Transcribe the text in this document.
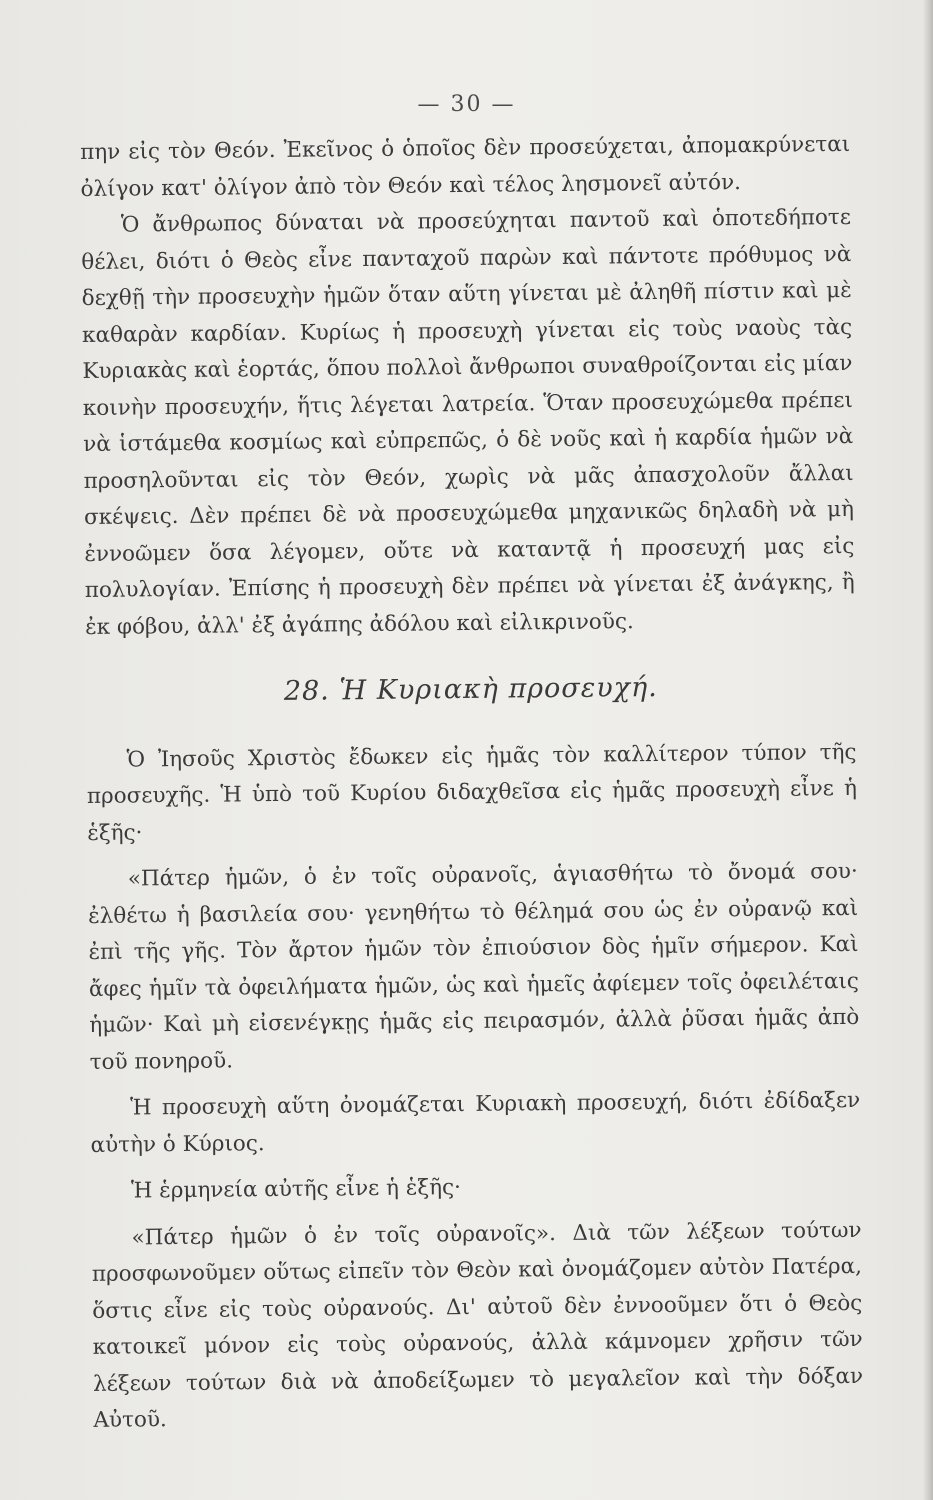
— 30 —

πην εἰς τὸν Θεόν. Ἐκεῖνος ὁ ὁποῖος δὲν προσεύχεται, ἀπομακρύνεται ὀλίγον κατ' ὀλίγον ἀπὸ τὸν Θεόν καὶ τέλος λησμονεῖ αὐτόν.

Ὁ ἄνθρωπος δύναται νὰ προσεύχηται παντοῦ καὶ ὁποτεδήποτε θέλει, διότι ὁ Θεὸς εἶνε πανταχοῦ παρὼν καὶ πάντοτε πρόθυμος νὰ δεχθῇ τὴν προσευχὴν ἡμῶν ὅταν αὕτη γίνεται μὲ ἀληθῆ πίστιν καὶ μὲ καθαρὰν καρδίαν. Κυρίως ἡ προσευχὴ γίνεται εἰς τοὺς ναοὺς τὰς Κυριακὰς καὶ ἑορτάς, ὅπου πολλοὶ ἄνθρωποι συναθροίζονται εἰς μίαν κοινὴν προσευχήν, ἥτις λέγεται λατρεία. Ὅταν προσευχώμεθα πρέπει νὰ ἱστάμεθα κοσμίως καὶ εὐπρεπῶς, ὁ δὲ νοῦς καὶ ἡ καρδία ἡμῶν νὰ προσηλοῦνται εἰς τὸν Θεόν, χωρὶς νὰ μᾶς ἀπασχολοῦν ἄλλαι σκέψεις. Δὲν πρέπει δὲ νὰ προσευχώμεθα μηχανικῶς δηλαδὴ νὰ μὴ ἐννοῶμεν ὅσα λέγομεν, οὔτε νὰ καταντᾷ ἡ προσευχή μας εἰς πολυλογίαν. Ἐπίσης ἡ προσευχὴ δὲν πρέπει νὰ γίνεται ἐξ ἀνάγκης, ἢ ἐκ φόβου, ἀλλ' ἐξ ἀγάπης ἀδόλου καὶ εἰλικρινοῦς.

28. Ἡ Κυριακὴ προσευχή.

Ὁ Ἰησοῦς Χριστὸς ἔδωκεν εἰς ἡμᾶς τὸν καλλίτερον τύπον τῆς προσευχῆς. Ἡ ὑπὸ τοῦ Κυρίου διδαχθεῖσα εἰς ἡμᾶς προσευχὴ εἶνε ἡ ἑξῆς·

«Πάτερ ἡμῶν, ὁ ἐν τοῖς οὐρανοῖς, ἁγιασθήτω τὸ ὄνομά σου· ἐλθέτω ἡ βασιλεία σου· γενηθήτω τὸ θέλημά σου ὡς ἐν οὐρανῷ καὶ ἐπὶ τῆς γῆς. Τὸν ἄρτον ἡμῶν τὸν ἐπιούσιον δὸς ἡμῖν σήμερον. Καὶ ἄφες ἡμῖν τὰ ὀφειλήματα ἡμῶν, ὡς καὶ ἡμεῖς ἀφίεμεν τοῖς ὀφειλέταις ἡμῶν· Καὶ μὴ εἰσενέγκῃς ἡμᾶς εἰς πειρασμόν, ἀλλὰ ῥῦσαι ἡμᾶς ἀπὸ τοῦ πονηροῦ.

Ἡ προσευχὴ αὕτη ὀνομάζεται Κυριακὴ προσευχή, διότι ἐδίδαξεν αὐτὴν ὁ Κύριος.

Ἡ ἑρμηνεία αὐτῆς εἶνε ἡ ἑξῆς·

«Πάτερ ἡμῶν ὁ ἐν τοῖς οὐρανοῖς». Διὰ τῶν λέξεων τούτων προσφωνοῦμεν οὕτως εἰπεῖν τὸν Θεὸν καὶ ὀνομάζομεν αὐτὸν Πατέρα, ὅστις εἶνε εἰς τοὺς οὐρανούς. Δι' αὐτοῦ δὲν ἐννοοῦμεν ὅτι ὁ Θεὸς κατοικεῖ μόνον εἰς τοὺς οὐρανούς, ἀλλὰ κάμνομεν χρῆσιν τῶν λέξεων τούτων διὰ νὰ ἀποδείξωμεν τὸ μεγαλεῖον καὶ τὴν δόξαν Αὐτοῦ.
